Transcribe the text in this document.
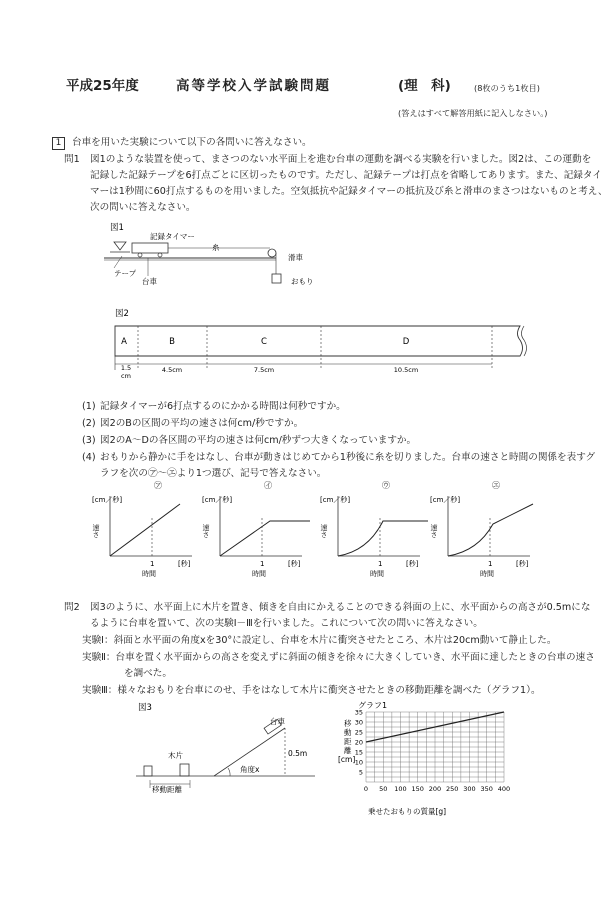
平成25年度	高等学校入学試験問題	(理　科)	(8枚のうち1枚目)
(答えはすべて解答用紙に記入しなさい。)
1	台車を用いた実験について以下の各問いに答えなさい。
問1 図1のような装置を使って、まさつのない水平面上を進む台車の運動を調べる実験を行いました。図2は、この運動を
記録した記録テープを6打点ごとに区切ったものです。ただし、記録テープは打点を省略してあります。また、記録タイ
マーは1秒間に60打点するものを用いました。空気抵抗や記録タイマーの抵抗及び糸と滑車のまさつはないものと考え、
次の問いに答えなさい。
図1
記録タイマー
糸
滑車
テープ
台車	おもり
図2
A	B	C	D
1.5
cm
4.5cm	7.5cm	10.5cm
(1) 記録タイマーが6打点するのにかかる時間は何秒ですか。
(2) 図2のBの区間の平均の速さは何cm/秒ですか。
(3) 図2のA～Dの各区間の平均の速さは何cm/秒ずつ大きくなっていますか。
(4) おもりから静かに手をはなし、台車が動きはじめてから1秒後に糸を切りました。台車の速さと時間の関係を表すグ
ラフを次の㋐～㋓より1つ選び、記号で答えなさい。
㋐
[cm／秒]
速さ
1	[秒]
時間
㋑
[cm／秒]
速さ
1	[秒]
時間
㋒
[cm／秒]
速さ
1	[秒]
時間
㋓
[cm／秒]
速さ
1	[秒]
時間
問2 図3のように、水平面上に木片を置き、傾きを自由にかえることのできる斜面の上に、水平面からの高さが0.5mにな
るように台車を置いて、次の実験Ⅰ－Ⅲを行いました。これについて次の問いに答えなさい。
実験Ⅰ：斜面と水平面の角度xを30°に設定し、台車を木片に衝突させたところ、木片は20cm動いて静止した。
実験Ⅱ：台車を置く水平面からの高さを変えずに斜面の傾きを徐々に大きくしていき、水平面に達したときの台車の速さ
を調べた。
実験Ⅲ：様々なおもりを台車にのせ、手をはなして木片に衝突させたときの移動距離を調べた（グラフ1）。
図3
台車
木片	0.5m
角度x
移動距離
グラフ1
移
動
距
離
[cm]
0 50 100 150 200 250 300 350 400
5
10
15
20
25
30
35
乗せたおもりの質量[g]
